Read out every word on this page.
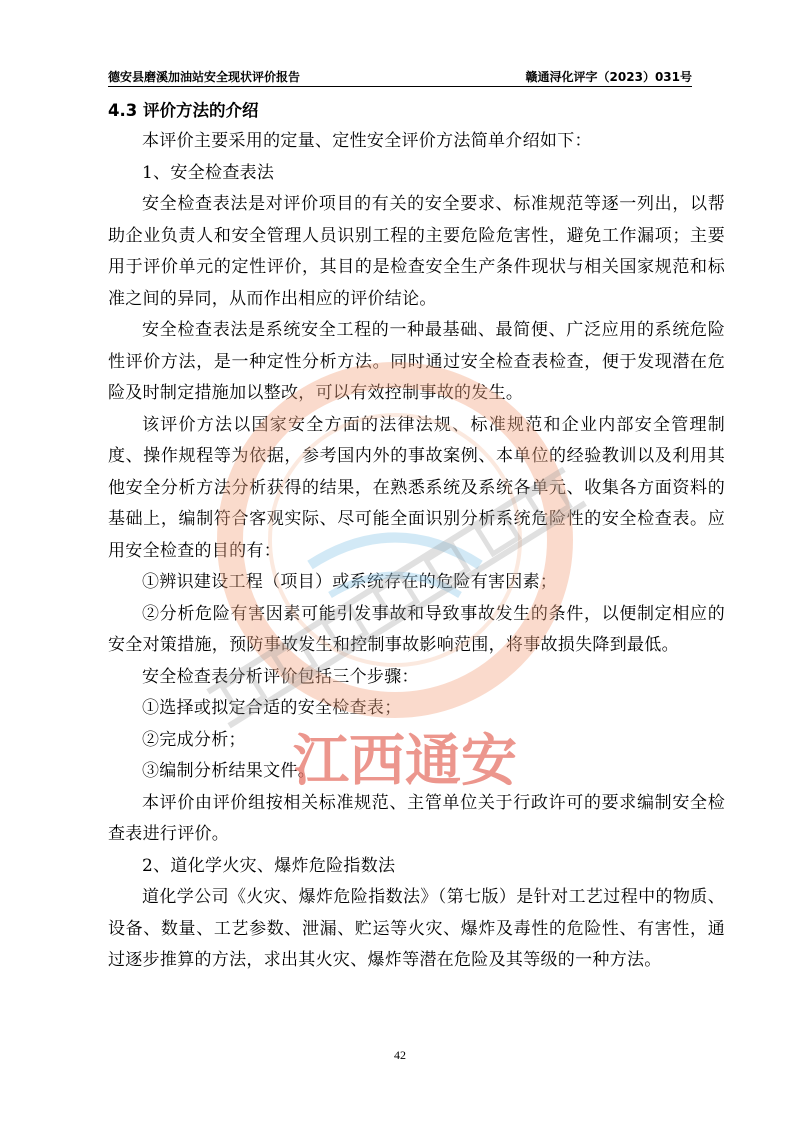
德安县磨溪加油站安全现状评价报告	赣通浔化评字（2023）031号
4.3 评价方法的介绍

本评价主要采用的定量、定性安全评价方法简单介绍如下：

1、安全检查表法

安全检查表法是对评价项目的有关的安全要求、标准规范等逐一列出，以帮助企业负责人和安全管理人员识别工程的主要危险危害性，避免工作漏项；主要用于评价单元的定性评价，其目的是检查安全生产条件现状与相关国家规范和标准之间的异同，从而作出相应的评价结论。

安全检查表法是系统安全工程的一种最基础、最简便、广泛应用的系统危险性评价方法，是一种定性分析方法。同时通过安全检查表检查，便于发现潜在危险及时制定措施加以整改，可以有效控制事故的发生。

该评价方法以国家安全方面的法律法规、标准规范和企业内部安全管理制度、操作规程等为依据，参考国内外的事故案例、本单位的经验教训以及利用其他安全分析方法分析获得的结果，在熟悉系统及系统各单元、收集各方面资料的基础上，编制符合客观实际、尽可能全面识别分析系统危险性的安全检查表。应用安全检查的目的有：

①辨识建设工程（项目）或系统存在的危险有害因素；

②分析危险有害因素可能引发事故和导致事故发生的条件，以便制定相应的安全对策措施，预防事故发生和控制事故影响范围，将事故损失降到最低。

安全检查表分析评价包括三个步骤：

①选择或拟定合适的安全检查表；

②完成分析；

③编制分析结果文件。

本评价由评价组按相关标准规范、主管单位关于行政许可的要求编制安全检查表进行评价。

2、道化学火灾、爆炸危险指数法

道化学公司《火灾、爆炸危险指数法》（第七版）是针对工艺过程中的物质、设备、数量、工艺参数、泄漏、贮运等火灾、爆炸及毒性的危险性、有害性，通过逐步推算的方法，求出其火灾、爆炸等潜在危险及其等级的一种方法。

江西通安
42
